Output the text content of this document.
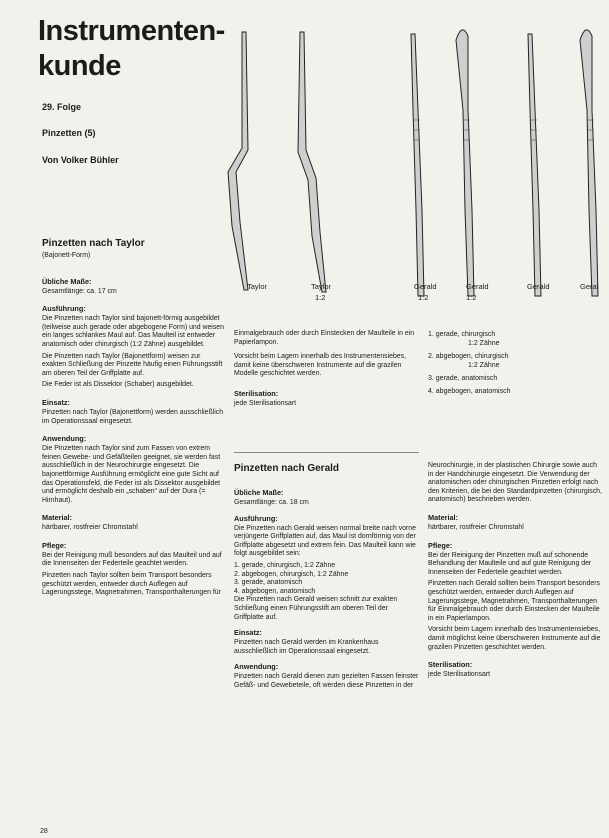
Instrumenten-
kunde
29. Folge
Pinzetten (5)
Von Volker Bühler
Taylor	Taylor
1:2
Gerald
1:2
Gerald
1:2
Gerald	Geral
Pinzetten nach Taylor
(Bajonett-Form)
Übliche Maße:
Gesamtlänge: ca. 17 cm
Ausführung:
Die Pinzetten nach Taylor sind bajonett-förmig ausgebildet (teilweise auch gerade oder abgebogene Form) und weisen ein langes schlankes Maul auf. Das Maulteil ist entweder anatomisch oder chirurgisch (1:2 Zähne) ausgebildet.
Die Pinzetten nach Taylor (Bajonettform) weisen zur exakten Schließung der Pinzette häufig einen Führungsstift am oberen Teil der Griffplatte auf.
Die Feder ist als Dissektor (Schaber) ausgebildet.
Einsatz:
Pinzetten nach Taylor (Bajonettform) werden ausschließlich im Operationssaal eingesetzt.
Anwendung:
Die Pinzetten nach Taylor sind zum Fassen von extrem feinen Gewebe- und Gefäßteilen geeignet, sie werden fast ausschließlich in der Neurochirurgie eingesetzt. Die bajonettförmige Ausführung ermöglicht eine gute Sicht auf das Operationsfeld, die Feder ist als Dissektor ausgebildet und ermöglicht deshalb ein „schaben“ auf der Dura (= Hirnhaut).
Material:
härtbarer, rostfreier Chromstahl
Pflege:
Bei der Reinigung muß besonders auf das Maulteil und auf die Innenseiten der Federteile geachtet werden.
Pinzetten nach Taylor sollten beim Transport besonders geschützt werden, entweder durch Auflegen auf Lagerungsstege, Magnetrahmen, Transporthalterungen für
Einmalgebrauch oder durch Einstecken der Maulteile in ein Papierlampon.
Vorsicht beim Lagern innerhalb des Instrumentensiebes, damit keine überschweren Instrumente auf die grazilen Modelle geschichtet werden.
Sterilisation:
jede Sterilisationsart
Pinzetten nach Gerald
Übliche Maße:
Gesamtlänge: ca. 18 cm
Ausführung:
Die Pinzetten nach Gerald weisen normal breite nach vorne verjüngerte Griffplatten auf, das Maul ist dornförmig von der Griffplatte abgesetzt und extrem fein. Das Maulteil kann wie folgt ausgebildet sein:
1. gerade, chirurgisch, 1:2 Zähne
2. abgebogen, chirurgisch, 1:2 Zähne
3. gerade, anatomisch
4. abgebogen, anatomisch
Die Pinzetten nach Gerald weisen schnitt zur exakten Schließung einen Führungsstift am oberen Teil der Griffplatte auf.
Einsatz:
Pinzetten nach Gerald werden im Krankenhaus ausschließlich im Operationssaal eingesetzt.
Anwendung:
Pinzetten nach Gerald dienen zum gezielten Fassen feinster Gefäß- und Gewebeteile, oft werden diese Pinzetten in der
1. gerade, chirurgisch
1:2 Zähne
2. abgebogen, chirurgisch
1:2 Zähne
3. gerade, anatomisch
4. abgebogen, anatomisch
Neurochirurgie, in der plastischen Chirurgie sowie auch in der Handchirurgie eingesetzt. Die Verwendung der anatomischen oder chirurgischen Pinzetten erfolgt nach den Kriterien, die bei den Standardpinzetten (chirurgisch, anatomisch) beschrieben werden.
Material:
härtbarer, rostfreier Chromstahl
Pflege:
Bei der Reinigung der Pinzetten muß auf schonende Behandlung der Maulteile und auf gute Reinigung der Innenseiten der Federteile geachtet werden.
Pinzetten nach Gerald sollten beim Transport besonders geschützt werden, entweder durch Auflegen auf Lagerungsstege, Magnetrahmen, Transporthalterungen für Einmalgebrauch oder durch Einstecken der Maulteile in ein Papierlampon.
Vorsicht beim Lagern innerhalb des Instrumentensiebes, damit möglichst keine überschweren Instrumente auf die grazilen Pinzetten geschichtet werden.
Sterilisation:
jede Sterilisationsart
28
